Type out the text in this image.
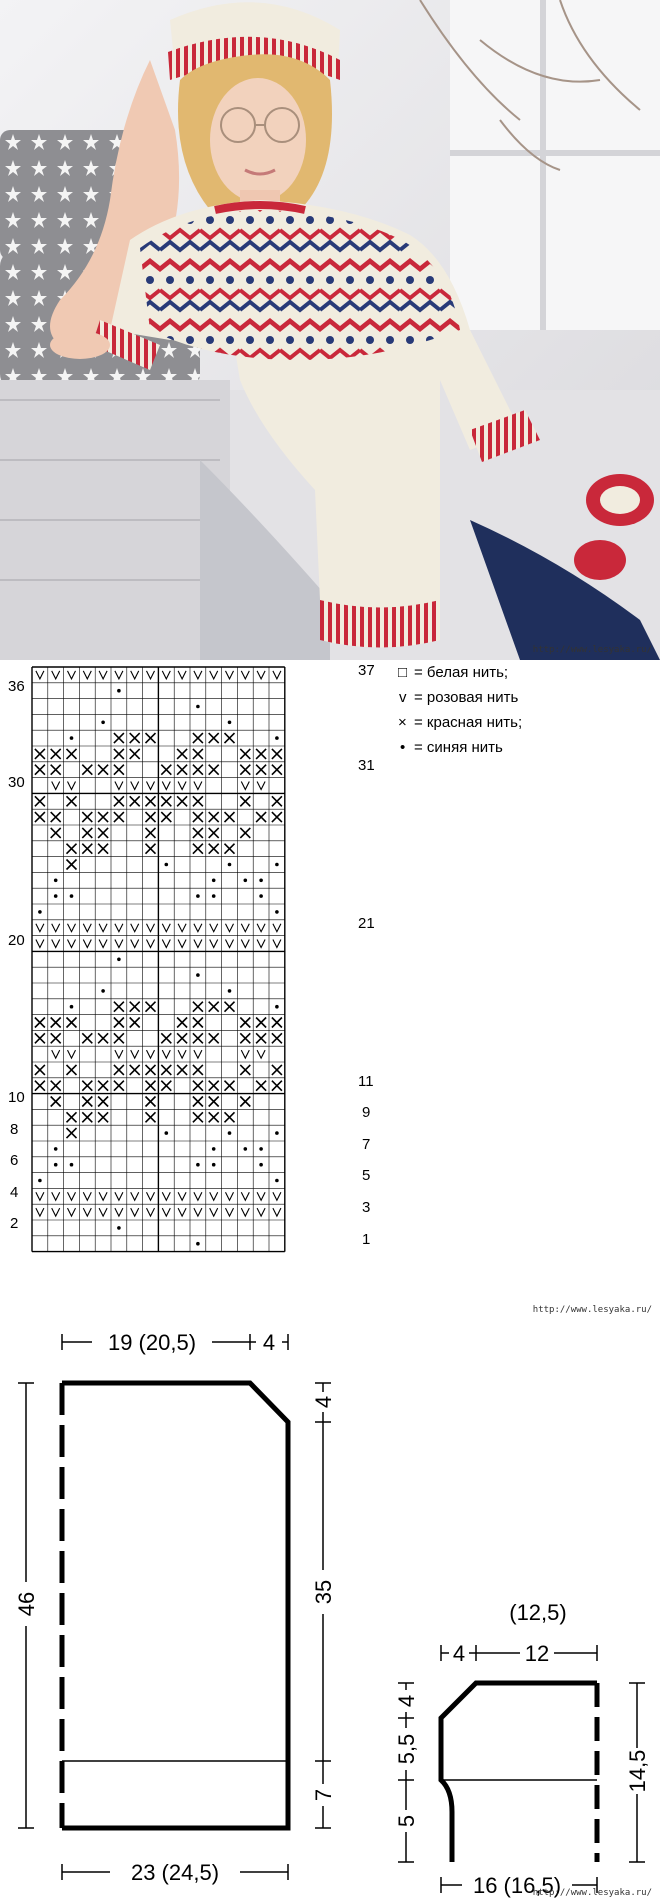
http://www.lesyaka.ru/
36
30
20
10
8
6
4
2
37
31
21
11
9
7
5
3
1
□ = белая нить;
v = розовая нить
× = красная нить;
• = синяя нить
http://www.lesyaka.ru/
19 (20,5)	4
46
4
35
7
23 (24,5)
(12,5)
4	12
14,5
4
5,5
5
16 (16,5)
http://www.lesyaka.ru/
